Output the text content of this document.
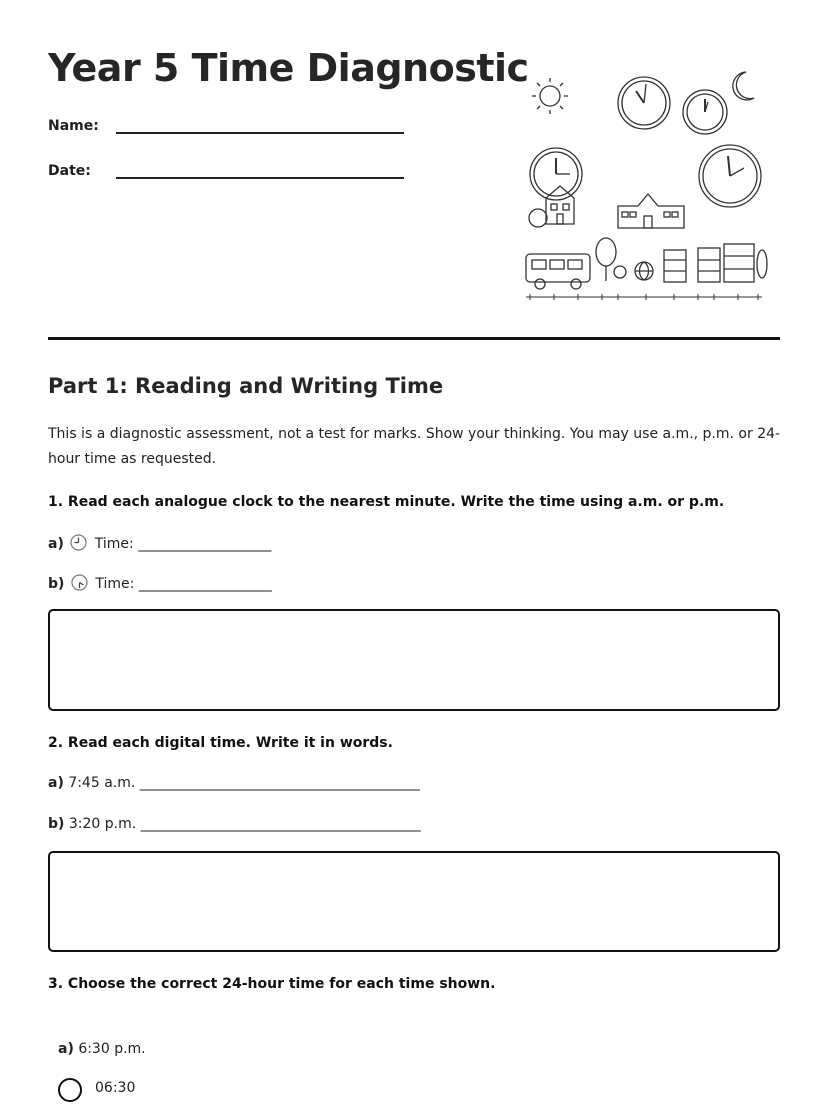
Year 5 Time Diagnostic
Name:
Date:
Part 1: Reading and Writing Time
This is a diagnostic assessment, not a test for marks. Show your thinking. You may use a.m., p.m. or 24-hour time as requested.
1. Read each analogue clock to the nearest minute. Write the time using a.m. or p.m.
a) Time: ___________________
b) Time: ___________________
2. Read each digital time. Write it in words.
a) 7:45 a.m. ________________________________________
b) 3:20 p.m. ________________________________________
3. Choose the correct 24-hour time for each time shown.
a) 6:30 p.m.
06:30
